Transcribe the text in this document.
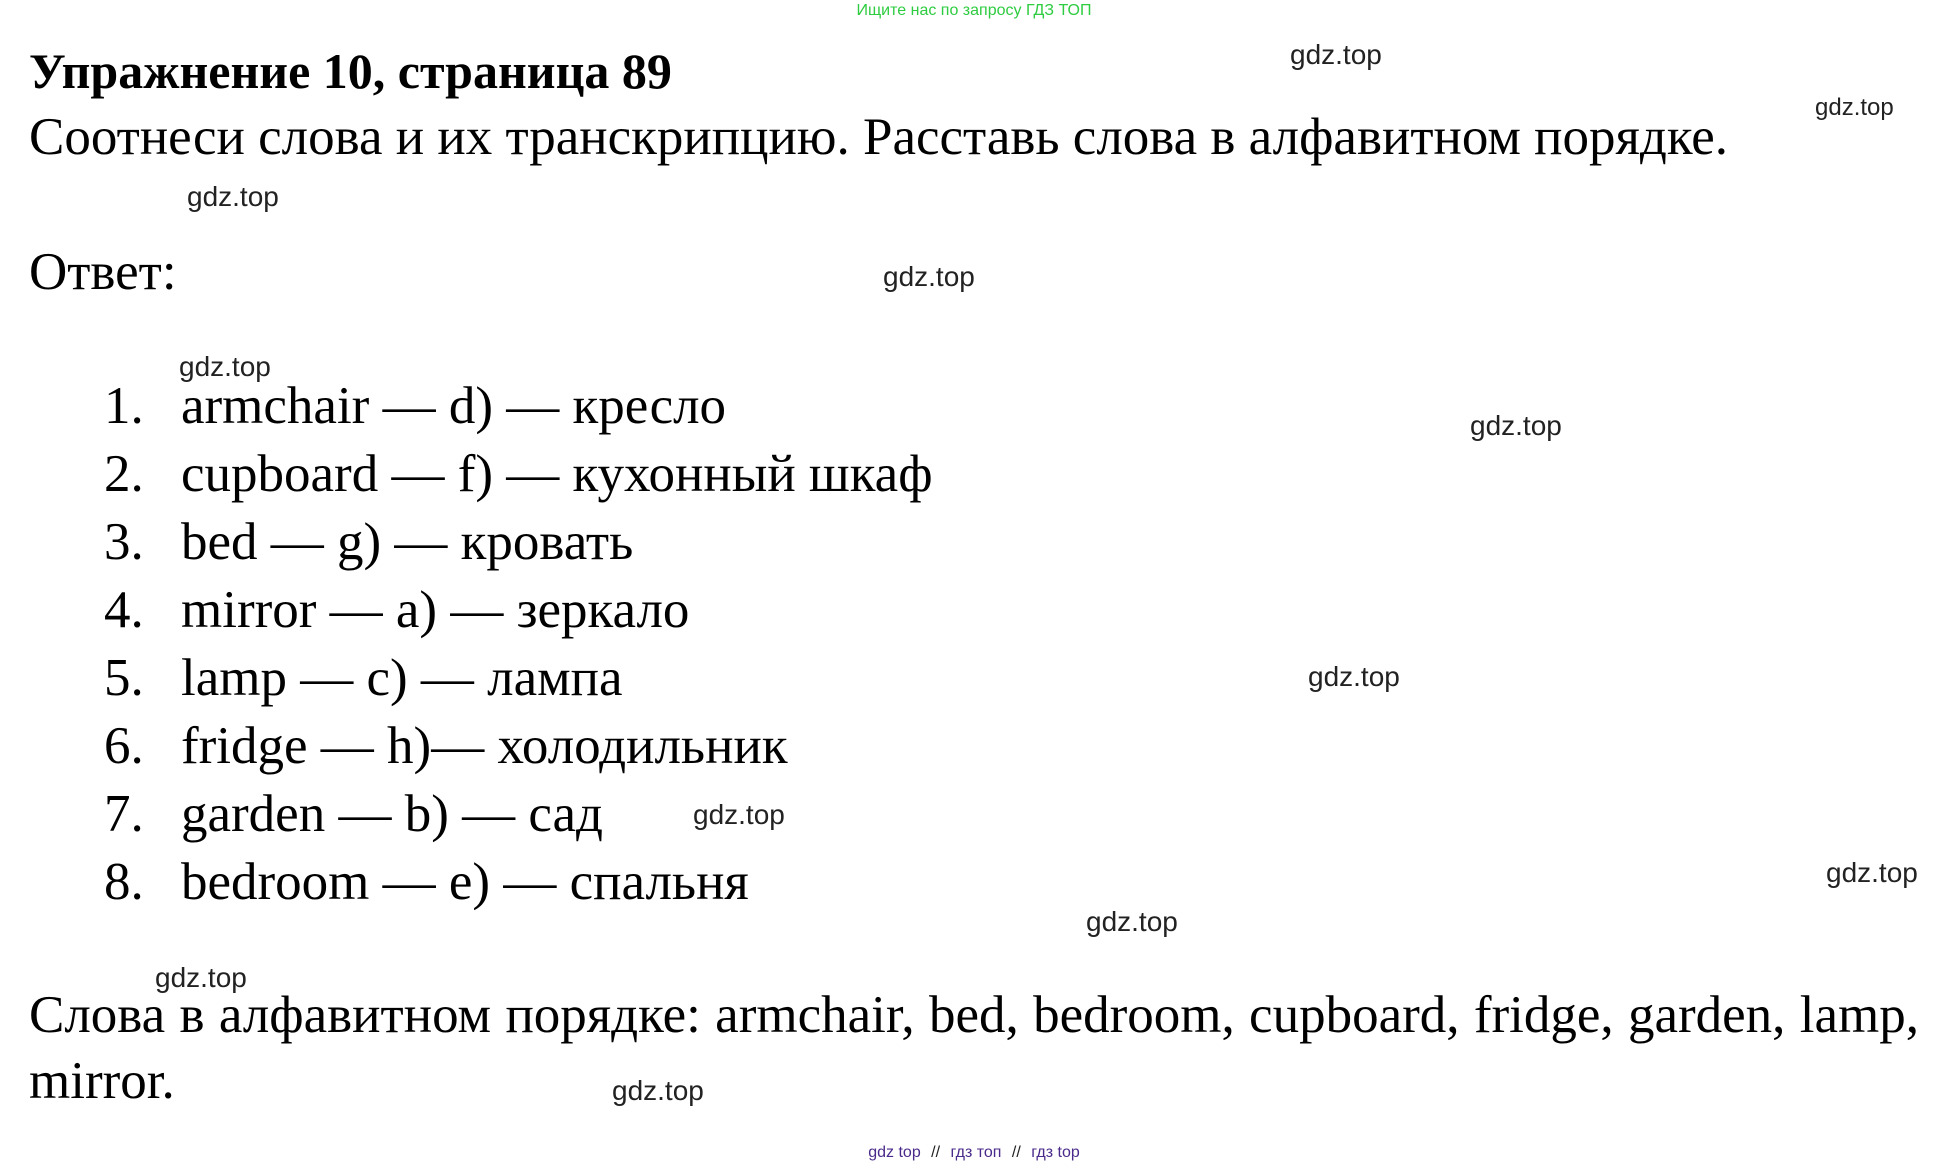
Ищите нас по запросу ГДЗ ТОП
Упражнение 10, страница 89
Соотнеси слова и их транскрипцию. Расставь слова в алфавитном порядке.
Ответ:
1. armchair — d) — кресло
2. cupboard — f) — кухонный шкаф
3. bed — g) — кровать
4. mirror — a) — зеркало
5. lamp — c) — лампа
6. fridge — h)— холодильник
7. garden — b) — сад
8. bedroom — e) — спальня
Слова в алфавитном порядке: armchair, bed, bedroom, cupboard, fridge, garden, lamp, mirror.
gdz.top
gdz.top
gdz.top
gdz.top
gdz.top
gdz.top
gdz.top
gdz.top
gdz.top
gdz.top
gdz.top
gdz.top
gdz top // гдз топ // гдз top
